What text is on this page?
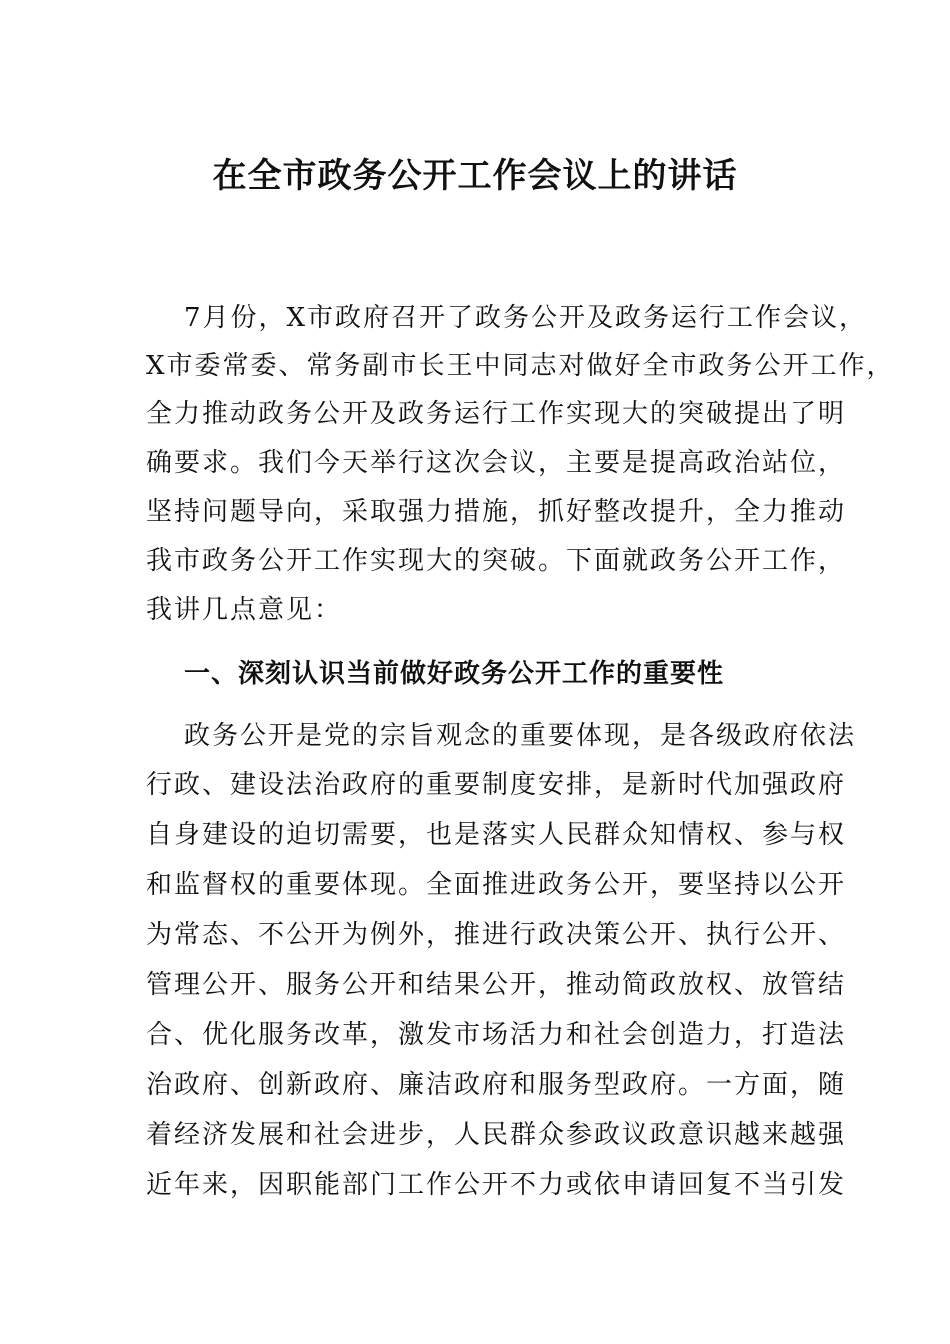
在全市政务公开工作会议上的讲话
7月份，X市政府召开了政务公开及政务运行工作会议，
X市委常委、常务副市长王中同志对做好全市政务公开工作，
全力推动政务公开及政务运行工作实现大的突破提出了明
确要求。我们今天举行这次会议，主要是提高政治站位，
坚持问题导向，采取强力措施，抓好整改提升，全力推动
我市政务公开工作实现大的突破。下面就政务公开工作，
我讲几点意见：
一、深刻认识当前做好政务公开工作的重要性
政务公开是党的宗旨观念的重要体现，是各级政府依法
行政、建设法治政府的重要制度安排，是新时代加强政府
自身建设的迫切需要，也是落实人民群众知情权、参与权
和监督权的重要体现。全面推进政务公开，要坚持以公开
为常态、不公开为例外，推进行政决策公开、执行公开、
管理公开、服务公开和结果公开，推动简政放权、放管结
合、优化服务改革，激发市场活力和社会创造力，打造法
治政府、创新政府、廉洁政府和服务型政府。一方面，随
着经济发展和社会进步，人民群众参政议政意识越来越强
近年来，因职能部门工作公开不力或依申请回复不当引发
